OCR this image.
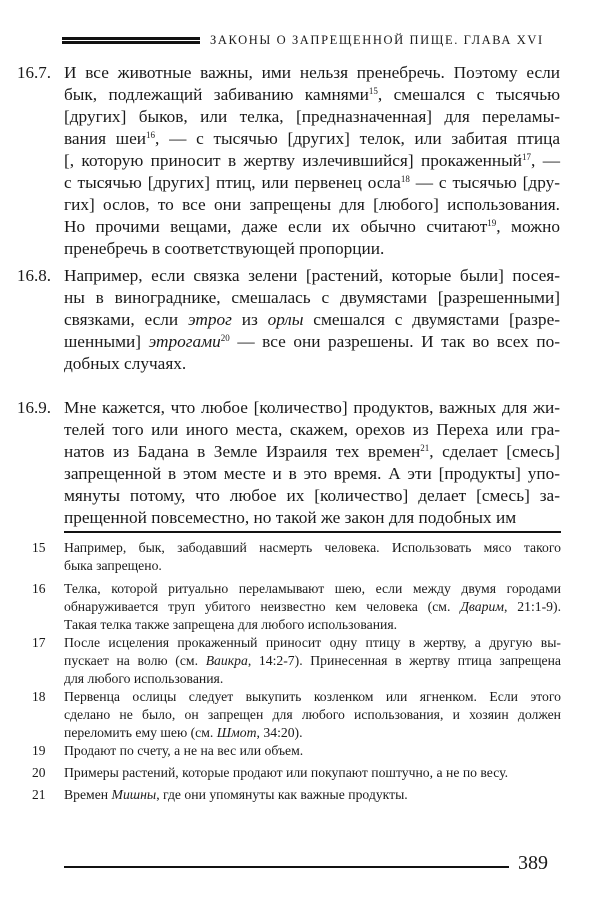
ЗАКОНЫ О ЗАПРЕЩЕННОЙ ПИЩЕ. ГЛАВА XVI
16.7. И все животные важны, ими нельзя пренебречь. Поэтому если
бык, подлежащий забиванию камнями$^{15}$, смешался с тысячью
[других] быков, или телка, [предназначенная] для переламы-
вания шеи$^{16}$, — с тысячью [других] телок, или забитая птица
[, которую приносит в жертву излечившийся] прокаженный$^{17}$, —
с тысячью [других] птиц, или первенец осла$^{18}$ — с тысячью [дру-
гих] ослов, то все они запрещены для [любого] использования.
Но прочими вещами, даже если их обычно считают$^{19}$, можно
пренебречь в соответствующей пропорции.
16.8. Например, если связка зелени [растений, которые были] посея-
ны в винограднике, смешалась с двумястами [разрешенными]
связками, если этрог из орлы смешался с двумястами [разре-
шенными] этрогами$^{20}$ — все они разрешены. И так во всех по-
добных случаях.
16.9. Мне кажется, что любое [количество] продуктов, важных для жи-
телей того или иного места, скажем, орехов из Переха или гра-
натов из Бадана в Земле Израиля тех времен$^{21}$, сделает [смесь]
запрещенной в этом месте и в это время. А эти [продукты] упо-
мянуты потому, что любое их [количество] делает [смесь] за-
прещенной повсеместно, но такой же закон для подобных им
15 Например, бык, забодавший насмерть человека. Использовать мясо такого
быка запрещено.
16 Телка, которой ритуально переламывают шею, если между двумя городами
обнаруживается труп убитого неизвестно кем человека (см. Дварим, 21:1-9).
Такая телка также запрещена для любого использования.
17 После исцеления прокаженный приносит одну птицу в жертву, а другую вы-
пускает на волю (см. Ваикра, 14:2-7). Принесенная в жертву птица запрещена
для любого использования.
18 Первенца ослицы следует выкупить козленком или ягненком. Если этого
сделано не было, он запрещен для любого использования, и хозяин должен
переломить ему шею (см. Шмот, 34:20).
19 Продают по счету, а не на вес или объем.
20 Примеры растений, которые продают или покупают поштучно, а не по весу.
21 Времен Мишны, где они упомянуты как важные продукты.
389
